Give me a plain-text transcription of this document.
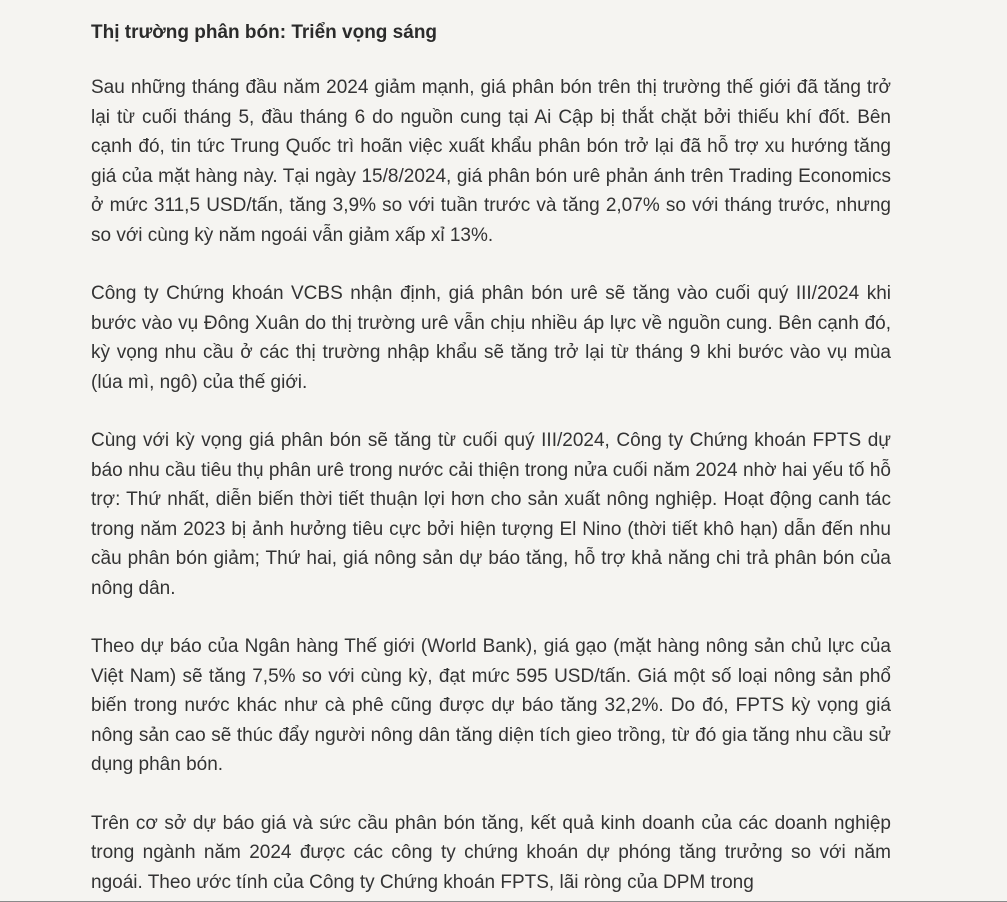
Thị trường phân bón: Triển vọng sáng

Sau những tháng đầu năm 2024 giảm mạnh, giá phân bón trên thị trường thế giới đã tăng trở lại từ cuối tháng 5, đầu tháng 6 do nguồn cung tại Ai Cập bị thắt chặt bởi thiếu khí đốt. Bên cạnh đó, tin tức Trung Quốc trì hoãn việc xuất khẩu phân bón trở lại đã hỗ trợ xu hướng tăng giá của mặt hàng này. Tại ngày 15/8/2024, giá phân bón urê phản ánh trên Trading Economics ở mức 311,5 USD/tấn, tăng 3,9% so với tuần trước và tăng 2,07% so với tháng trước, nhưng so với cùng kỳ năm ngoái vẫn giảm xấp xỉ 13%.

Công ty Chứng khoán VCBS nhận định, giá phân bón urê sẽ tăng vào cuối quý III/2024 khi bước vào vụ Đông Xuân do thị trường urê vẫn chịu nhiều áp lực về nguồn cung. Bên cạnh đó, kỳ vọng nhu cầu ở các thị trường nhập khẩu sẽ tăng trở lại từ tháng 9 khi bước vào vụ mùa (lúa mì, ngô) của thế giới.

Cùng với kỳ vọng giá phân bón sẽ tăng từ cuối quý III/2024, Công ty Chứng khoán FPTS dự báo nhu cầu tiêu thụ phân urê trong nước cải thiện trong nửa cuối năm 2024 nhờ hai yếu tố hỗ trợ: Thứ nhất, diễn biến thời tiết thuận lợi hơn cho sản xuất nông nghiệp. Hoạt động canh tác trong năm 2023 bị ảnh hưởng tiêu cực bởi hiện tượng El Nino (thời tiết khô hạn) dẫn đến nhu cầu phân bón giảm; Thứ hai, giá nông sản dự báo tăng, hỗ trợ khả năng chi trả phân bón của nông dân.

Theo dự báo của Ngân hàng Thế giới (World Bank), giá gạo (mặt hàng nông sản chủ lực của Việt Nam) sẽ tăng 7,5% so với cùng kỳ, đạt mức 595 USD/tấn. Giá một số loại nông sản phổ biến trong nước khác như cà phê cũng được dự báo tăng 32,2%. Do đó, FPTS kỳ vọng giá nông sản cao sẽ thúc đẩy người nông dân tăng diện tích gieo trồng, từ đó gia tăng nhu cầu sử dụng phân bón.

Trên cơ sở dự báo giá và sức cầu phân bón tăng, kết quả kinh doanh của các doanh nghiệp trong ngành năm 2024 được các công ty chứng khoán dự phóng tăng trưởng so với năm ngoái. Theo ước tính của Công ty Chứng khoán FPTS, lãi ròng của DPM trong
